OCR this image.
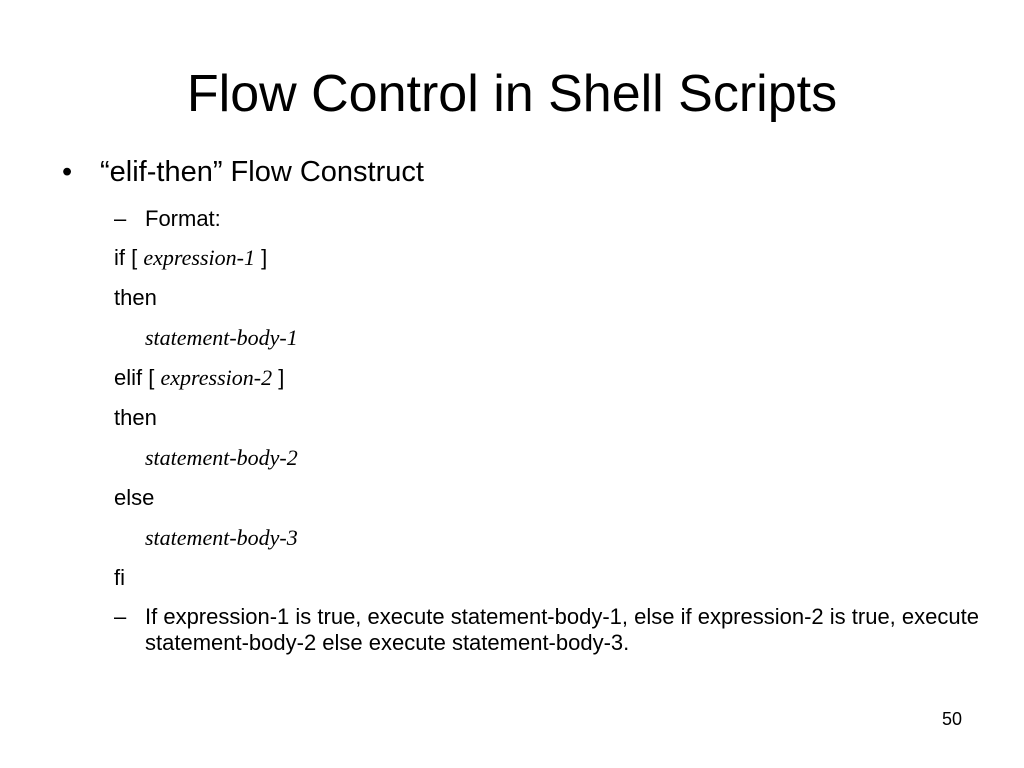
Flow Control in Shell Scripts
• “elif-then” Flow Construct
– Format:
if [ expression-1 ]
then
statement-body-1
elif [ expression-2 ]
then
statement-body-2
else
statement-body-3
fi
– If expression-1 is true, execute statement-body-1, else if expression-2 is true, execute statement-body-2 else execute statement-body-3.
50
